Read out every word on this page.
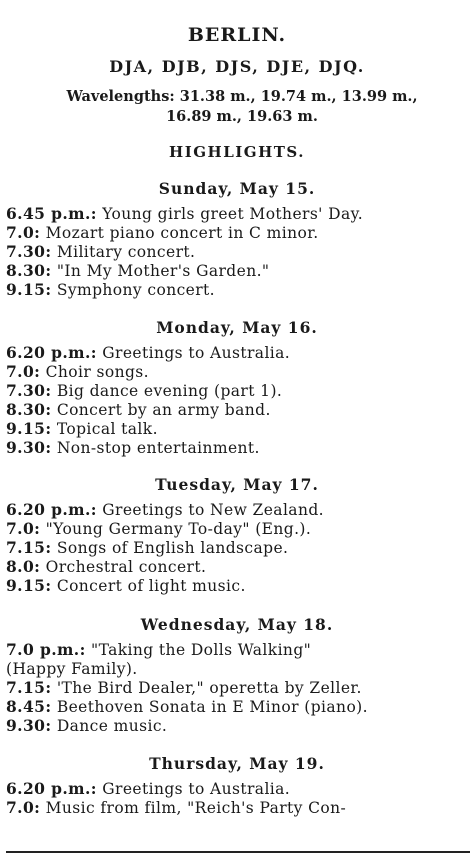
BERLIN.
DJA, DJB, DJS, DJE, DJQ.
Wavelengths: 31.38 m., 19.74 m., 13.99 m.,
16.89 m., 19.63 m.
HIGHLIGHTS.
Sunday, May 15.
6.45 p.m.: Young girls greet Mothers' Day.
7.0: Mozart piano concert in C minor.
7.30: Military concert.
8.30: "In My Mother's Garden."
9.15: Symphony concert.
Monday, May 16.
6.20 p.m.: Greetings to Australia.
7.0: Choir songs.
7.30: Big dance evening (part 1).
8.30: Concert by an army band.
9.15: Topical talk.
9.30: Non-stop entertainment.
Tuesday, May 17.
6.20 p.m.: Greetings to New Zealand.
7.0: "Young Germany To-day" (Eng.).
7.15: Songs of English landscape.
8.0: Orchestral concert.
9.15: Concert of light music.
Wednesday, May 18.
7.0 p.m.: "Taking the Dolls Walking"
(Happy Family).
7.15: 'The Bird Dealer," operetta by Zeller.
8.45: Beethoven Sonata in E Minor (piano).
9.30: Dance music.
Thursday, May 19.
6.20 p.m.: Greetings to Australia.
7.0: Music from film, "Reich's Party Con-
